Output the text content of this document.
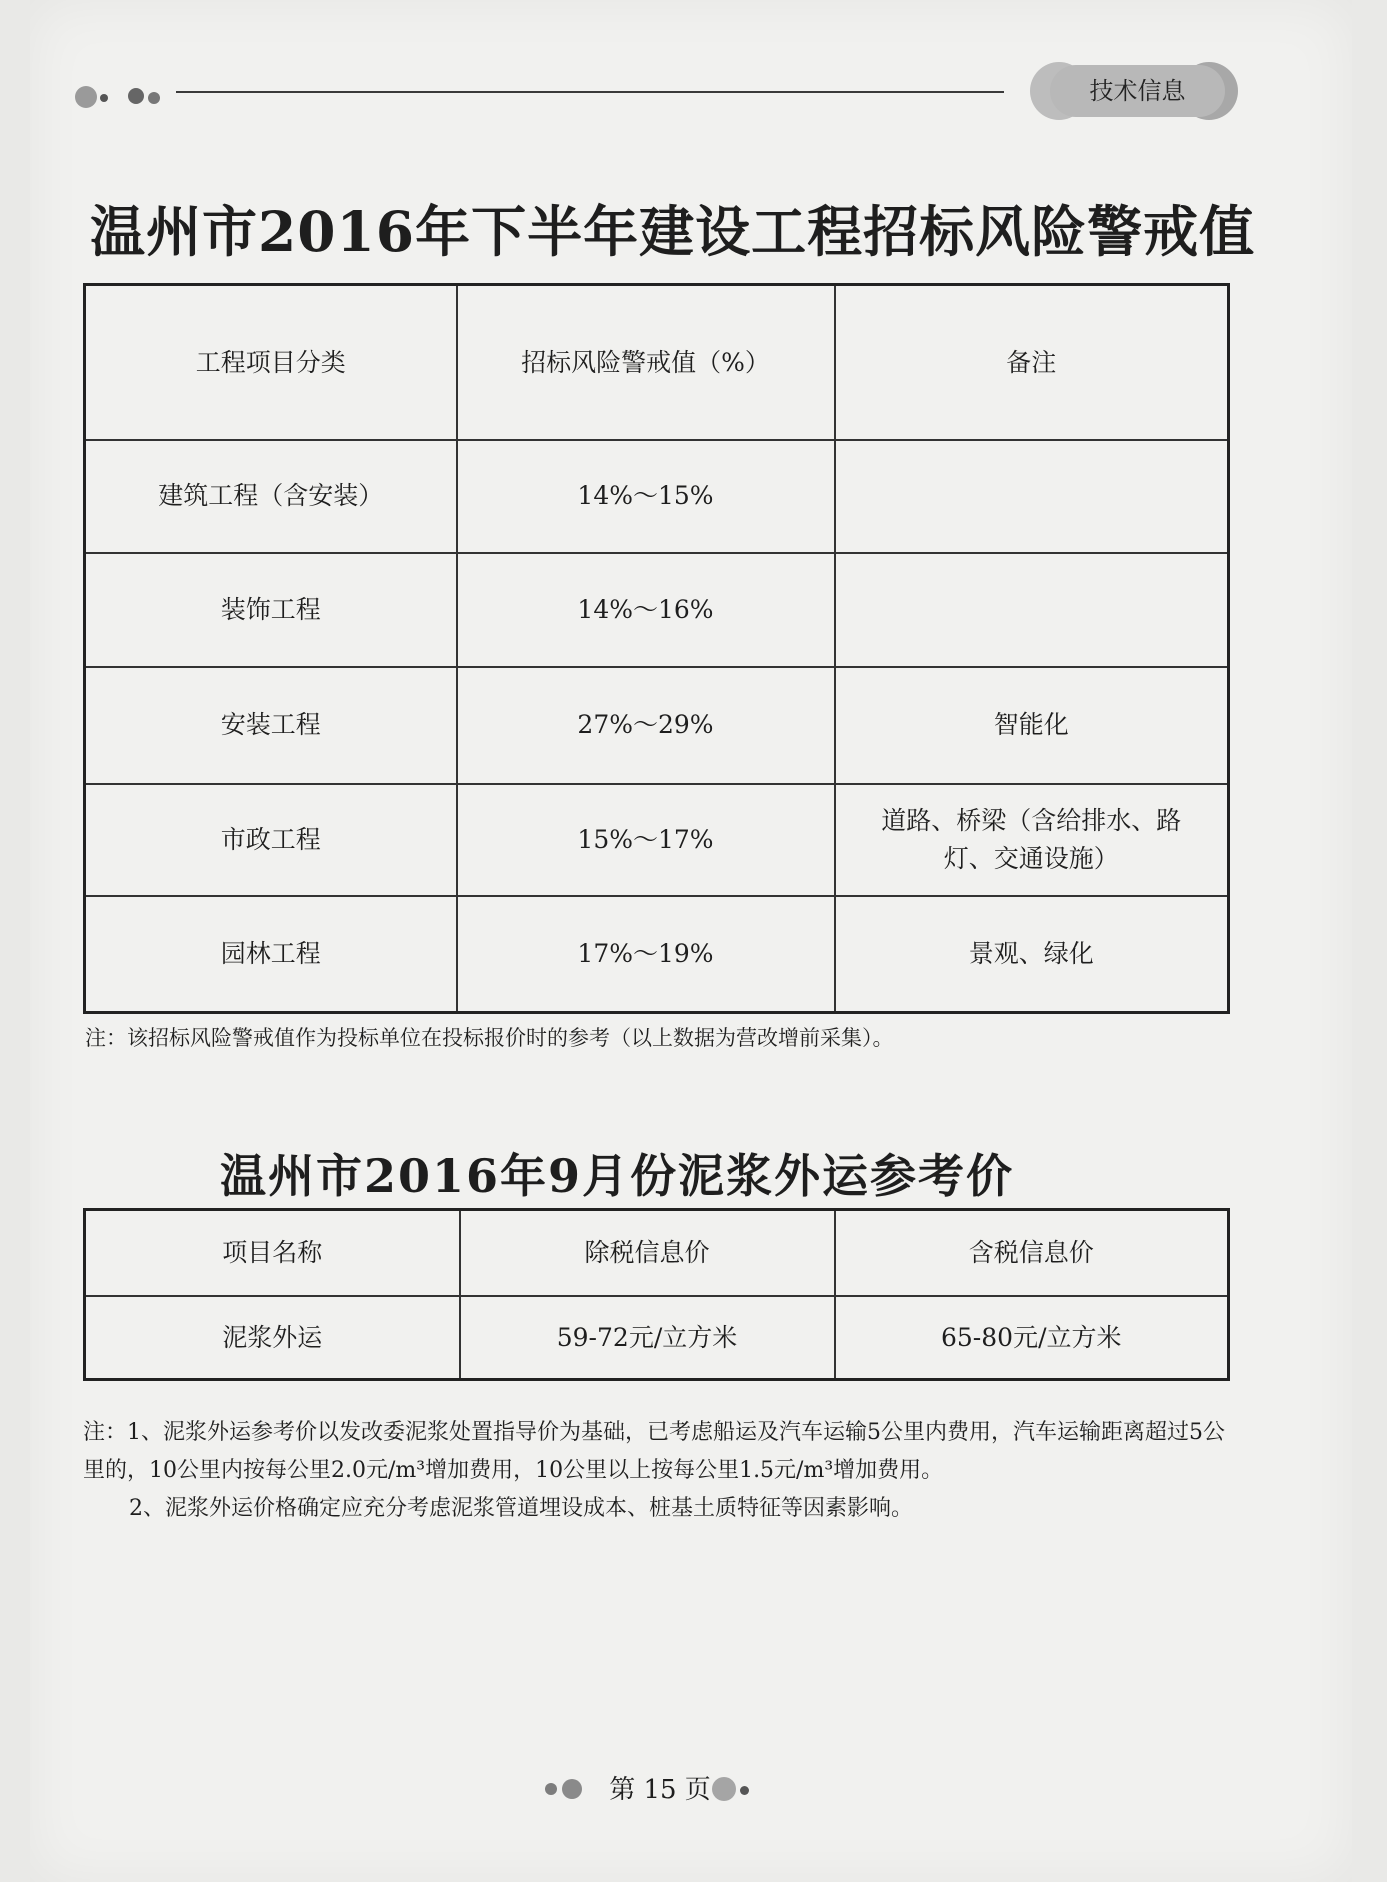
技术信息
温州市2016年下半年建设工程招标风险警戒值
工程项目分类	招标风险警戒值（%）	备注
建筑工程（含安装）	14%～15%	
装饰工程	14%～16%	
安装工程	27%～29%	智能化
市政工程	15%～17%	道路、桥梁（含给排水、路灯、交通设施）
园林工程	17%～19%	景观、绿化
注：该招标风险警戒值作为投标单位在投标报价时的参考（以上数据为营改增前采集）。
温州市2016年9月份泥浆外运参考价
项目名称	除税信息价	含税信息价
泥浆外运	59-72元/立方米	65-80元/立方米

注：1、泥浆外运参考价以发改委泥浆处置指导价为基础，已考虑船运及汽车运输5公里内费用，汽车运输距离超过5公里的，10公里内按每公里2.0元/m³增加费用，10公里以上按每公里1.5元/m³增加费用。

2、泥浆外运价格确定应充分考虑泥浆管道埋设成本、桩基土质特征等因素影响。

第 15 页
